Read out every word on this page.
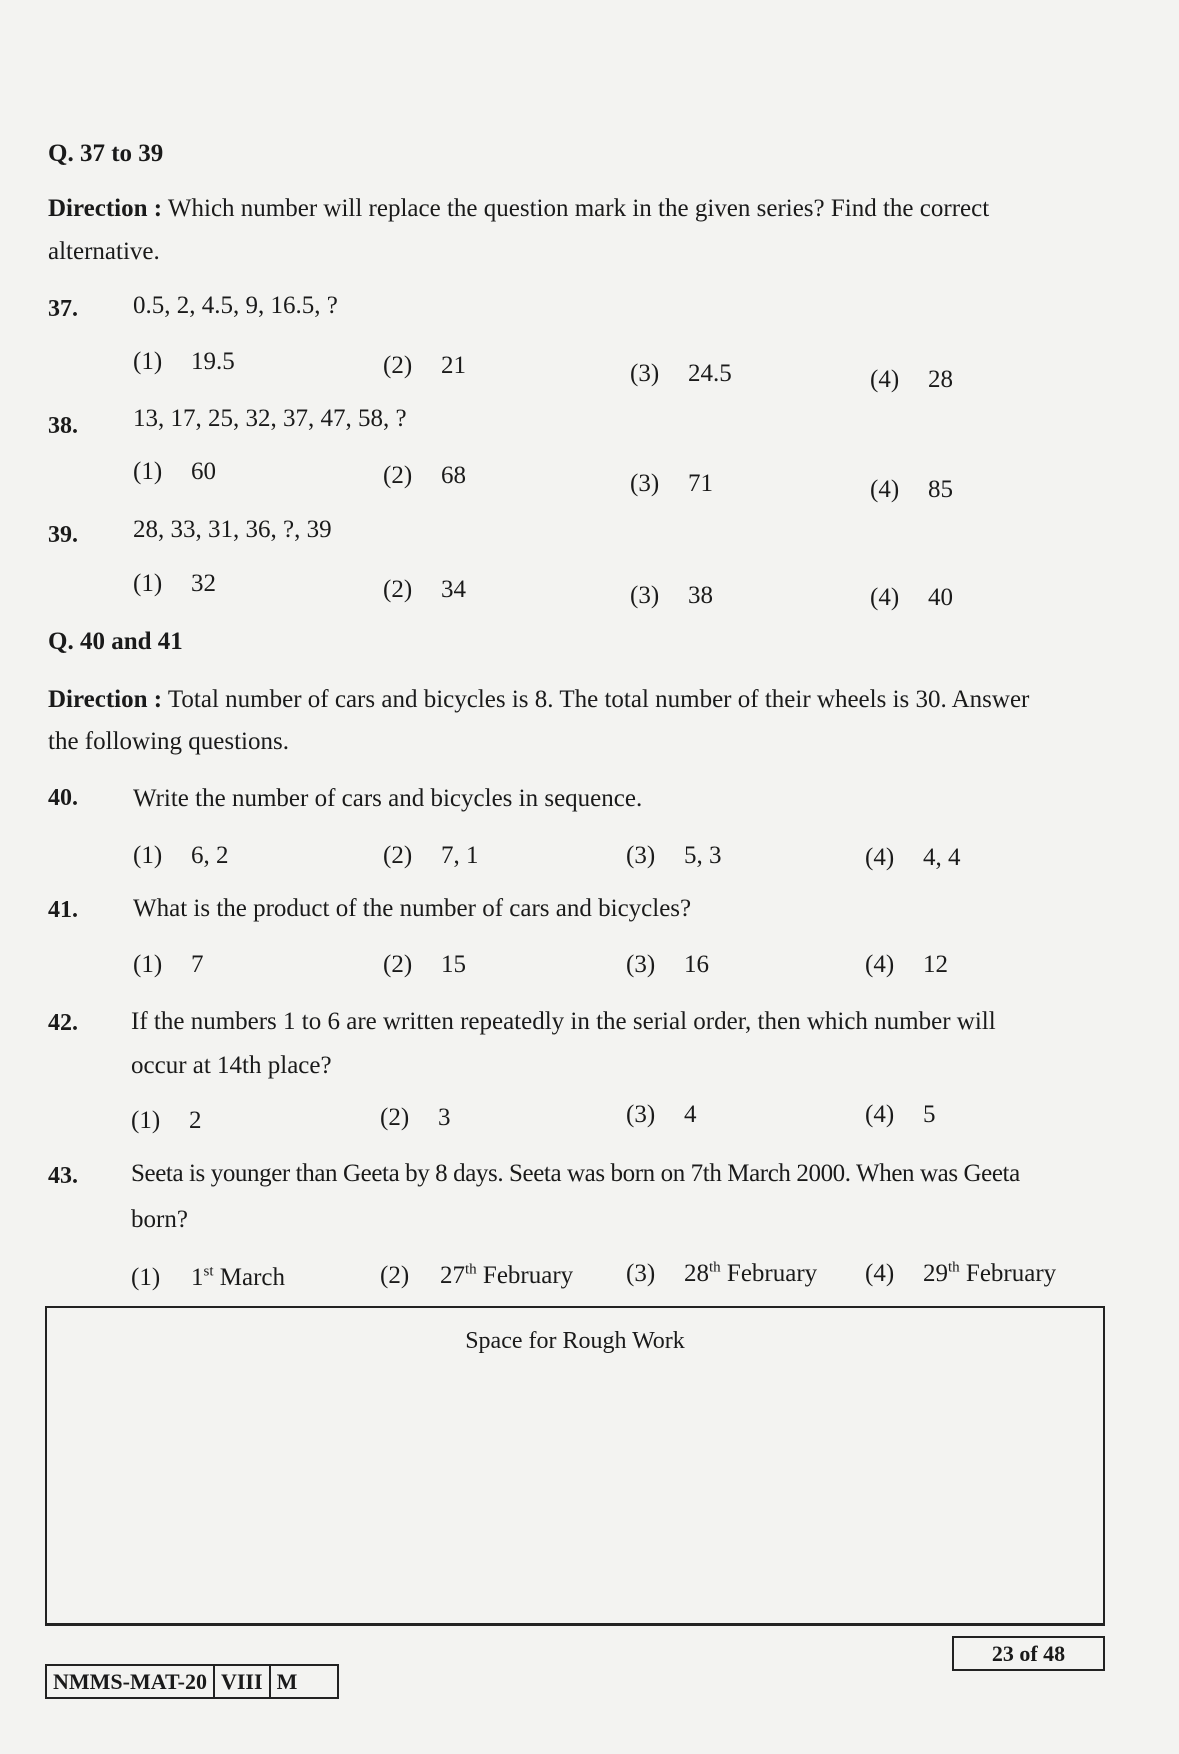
Q. 37 to 39
Direction : Which number will replace the question mark in the given series? Find the correct
alternative.
37. 0.5, 2, 4.5, 9, 16.5, ?
(1) 19.5	(2) 21	(3) 24.5	(4) 28
38. 13, 17, 25, 32, 37, 47, 58, ?
(1) 60	(2) 68	(3) 71	(4) 85
39. 28, 33, 31, 36, ?, 39
(1) 32	(2) 34	(3) 38	(4) 40
Q. 40 and 41
Direction : Total number of cars and bicycles is 8. The total number of their wheels is 30. Answer
the following questions.
40. Write the number of cars and bicycles in sequence.
(1) 6, 2	(2) 7, 1	(3) 5, 3	(4) 4, 4
41. What is the product of the number of cars and bicycles?
(1) 7	(2) 15	(3) 16	(4) 12
42. If the numbers 1 to 6 are written repeatedly in the serial order, then which number will
occur at 14th place?
(1) 2	(2) 3	(3) 4	(4) 5
43. Seeta is younger than Geeta by 8 days. Seeta was born on 7th March 2000. When was Geeta
born?
(1) 1st March	(2) 27th February (3) 28th February (4) 29th February
Space for Rough Work
23 of 48
NMMS-MAT-20 VIII M
